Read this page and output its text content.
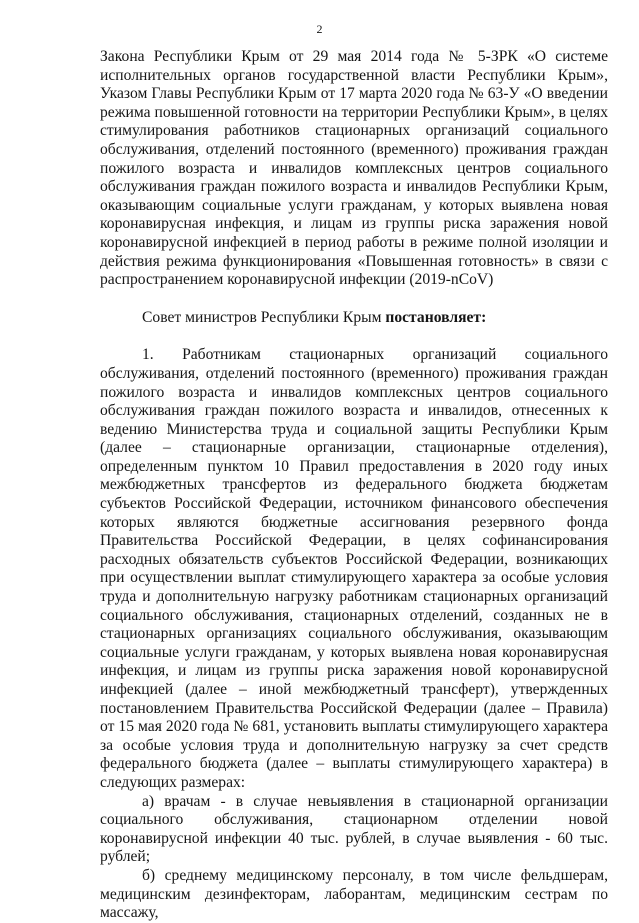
2

Закона Республики Крым от 29 мая 2014 года № 5-ЗРК «О системе исполнительных органов государственной власти Республики Крым», Указом Главы Республики Крым от 17 марта 2020 года № 63-У «О введении режима повышенной готовности на территории Республики Крым», в целях стимулирования работников стационарных организаций социального обслуживания, отделений постоянного (временного) проживания граждан пожилого возраста и инвалидов комплексных центров социального обслуживания граждан пожилого возраста и инвалидов Республики Крым, оказывающим социальные услуги гражданам, у которых выявлена новая коронавирусная инфекция, и лицам из группы риска заражения новой коронавирусной инфекцией в период работы в режиме полной изоляции и действия режима функционирования «Повышенная готовность» в связи с распространением коронавирусной инфекции (2019-nCoV)

Совет министров Республики Крым постановляет:

1. Работникам стационарных организаций социального обслуживания, отделений постоянного (временного) проживания граждан пожилого возраста и инвалидов комплексных центров социального обслуживания граждан пожилого возраста и инвалидов, отнесенных к ведению Министерства труда и социальной защиты Республики Крым (далее – стационарные организации, стационарные отделения), определенным пунктом 10 Правил предоставления в 2020 году иных межбюджетных трансфертов из федерального бюджета бюджетам субъектов Российской Федерации, источником финансового обеспечения которых являются бюджетные ассигнования резервного фонда Правительства Российской Федерации, в целях софинансирования расходных обязательств субъектов Российской Федерации, возникающих при осуществлении выплат стимулирующего характера за особые условия труда и дополнительную нагрузку работникам стационарных организаций социального обслуживания, стационарных отделений, созданных не в стационарных организациях социального обслуживания, оказывающим социальные услуги гражданам, у которых выявлена новая коронавирусная инфекция, и лицам из группы риска заражения новой коронавирусной инфекцией (далее – иной межбюджетный трансферт), утвержденных постановлением Правительства Российской Федерации (далее – Правила) от 15 мая 2020 года № 681, установить выплаты стимулирующего характера за особые условия труда и дополнительную нагрузку за счет средств федерального бюджета (далее – выплаты стимулирующего характера) в следующих размерах:

а) врачам - в случае невыявления в стационарной организации социального обслуживания, стационарном отделении новой коронавирусной инфекции 40 тыс. рублей, в случае выявления - 60 тыс. рублей;

б) среднему медицинскому персоналу, в том числе фельдшерам, медицинским дезинфекторам, лаборантам, медицинским сестрам по массажу,
